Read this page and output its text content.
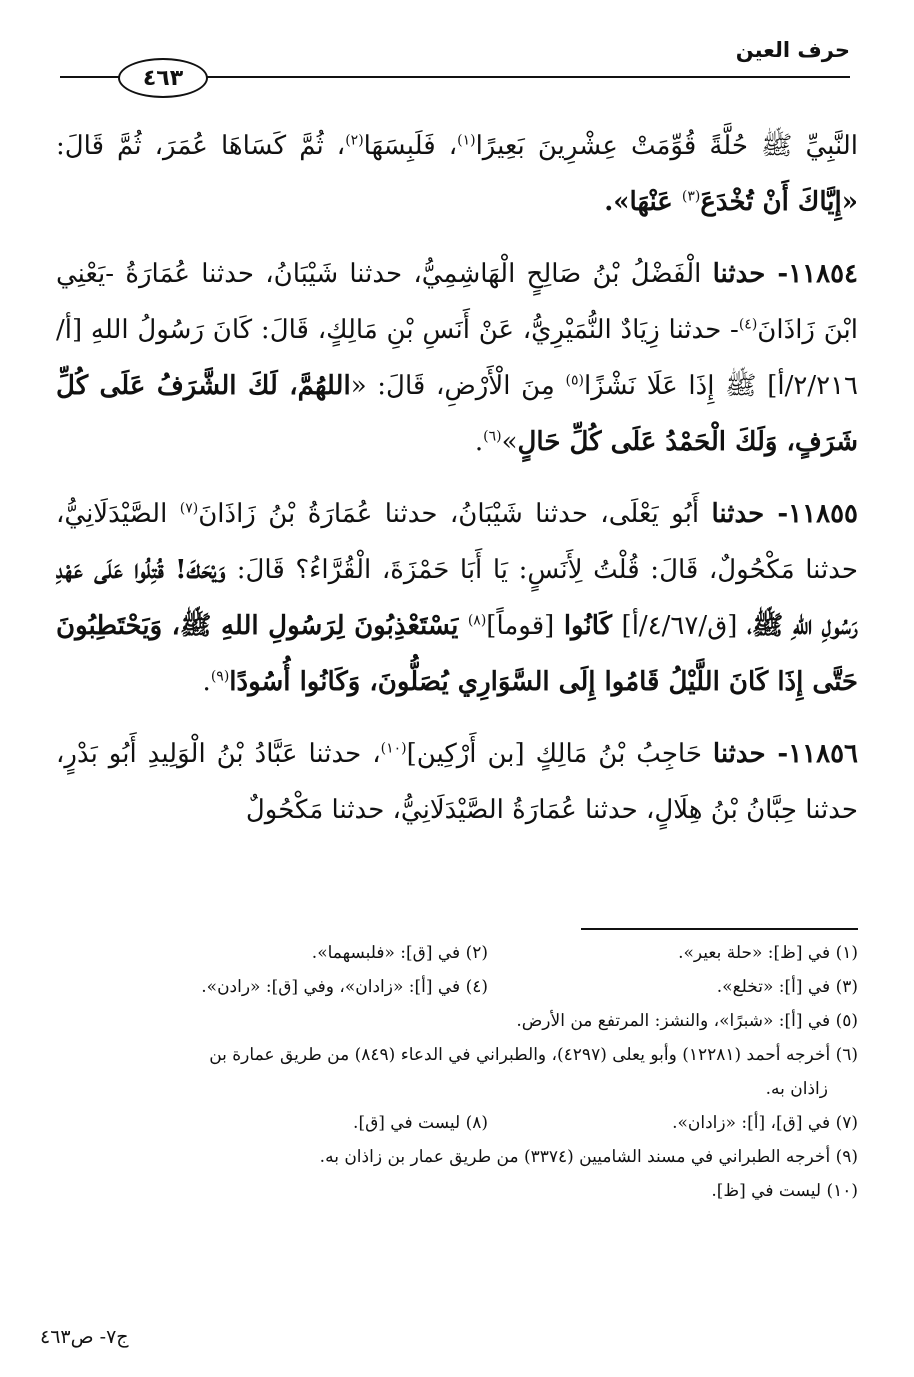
حرف العين
٤٦٣

النَّبِيِّ ﷺ حُلَّةً قُوِّمَتْ عِشْرِينَ بَعِيرًا$^{(١)}$، فَلَبِسَهَا$^{(٢)}$، ثُمَّ كَسَاهَا عُمَرَ، ثُمَّ قَالَ: «إِيَّاكَ أَنْ تُخْدَعَ$^{(٣)}$ عَنْهَا».

١١٨٥٤- حدثنا الْفَضْلُ بْنُ صَالِحٍ الْهَاشِمِيُّ، حدثنا شَيْبَانُ، حدثنا عُمَارَةُ -يَعْنِي ابْنَ زَاذَانَ$^{(٤)}$- حدثنا زِيَادٌ النُّمَيْرِيُّ، عَنْ أَنَسِ بْنِ مَالِكٍ، قَالَ: كَانَ رَسُولُ اللهِ [أ/٢/٢١٦/أ] ﷺ إِذَا عَلَا نَشْزًا$^{(٥)}$ مِنَ الْأَرْضِ، قَالَ: «اللهُمَّ، لَكَ الشَّرَفُ عَلَى كُلِّ شَرَفٍ، وَلَكَ الْحَمْدُ عَلَى كُلِّ حَالٍ»$^{(٦)}$.

١١٨٥٥- حدثنا أَبُو يَعْلَى، حدثنا شَيْبَانُ، حدثنا عُمَارَةُ بْنُ زَاذَانَ$^{(٧)}$ الصَّيْدَلَانِيُّ، حدثنا مَكْحُولٌ، قَالَ: قُلْتُ لِأَنَسٍ: يَا أَبَا حَمْزَةَ، الْقُرَّاءُ؟ قَالَ: وَيْحَكَ! قُتِلُوا عَلَى عَهْدِ رَسُولِ اللهِ ﷺ، [ق/٤/٦٧/أ] كَانُوا [قوماً]$^{(٨)}$ يَسْتَعْذِبُونَ لِرَسُولِ اللهِ ﷺ، وَيَحْتَطِبُونَ حَتَّى إِذَا كَانَ اللَّيْلُ قَامُوا إِلَى السَّوَارِي يُصَلُّونَ، وَكَانُوا أُسُودًا$^{(٩)}$.

١١٨٥٦- حدثنا حَاجِبُ بْنُ مَالِكٍ [بن أَرْكِين]$^{(١٠)}$، حدثنا عَبَّادُ بْنُ الْوَلِيدِ أَبُو بَدْرٍ، حدثنا حِبَّانُ بْنُ هِلَالٍ، حدثنا عُمَارَةُ الصَّيْدَلَانِيُّ، حدثنا مَكْحُولٌ

(١) في [ظ]: «حلة بعير».
(٢) في [ق]: «فلبسهما».
(٣) في [أ]: «تخلع».
(٤) في [أ]: «زادان»، وفي [ق]: «رادن».
(٥) في [أ]: «شبرًا»، والنشز: المرتفع من الأرض.
(٦) أخرجه أحمد (١٢٢٨١) وأبو يعلى (٤٢٩٧)، والطبراني في الدعاء (٨٤٩) من طريق عمارة بن
زاذان به.
(٧) في [ق]، [أ]: «زادان».
(٨) ليست في [ق].
(٩) أخرجه الطبراني في مسند الشاميين (٣٣٧٤) من طريق عمار بن زاذان به.
(١٠) ليست في [ظ].
ج٧- ص٤٦٣
